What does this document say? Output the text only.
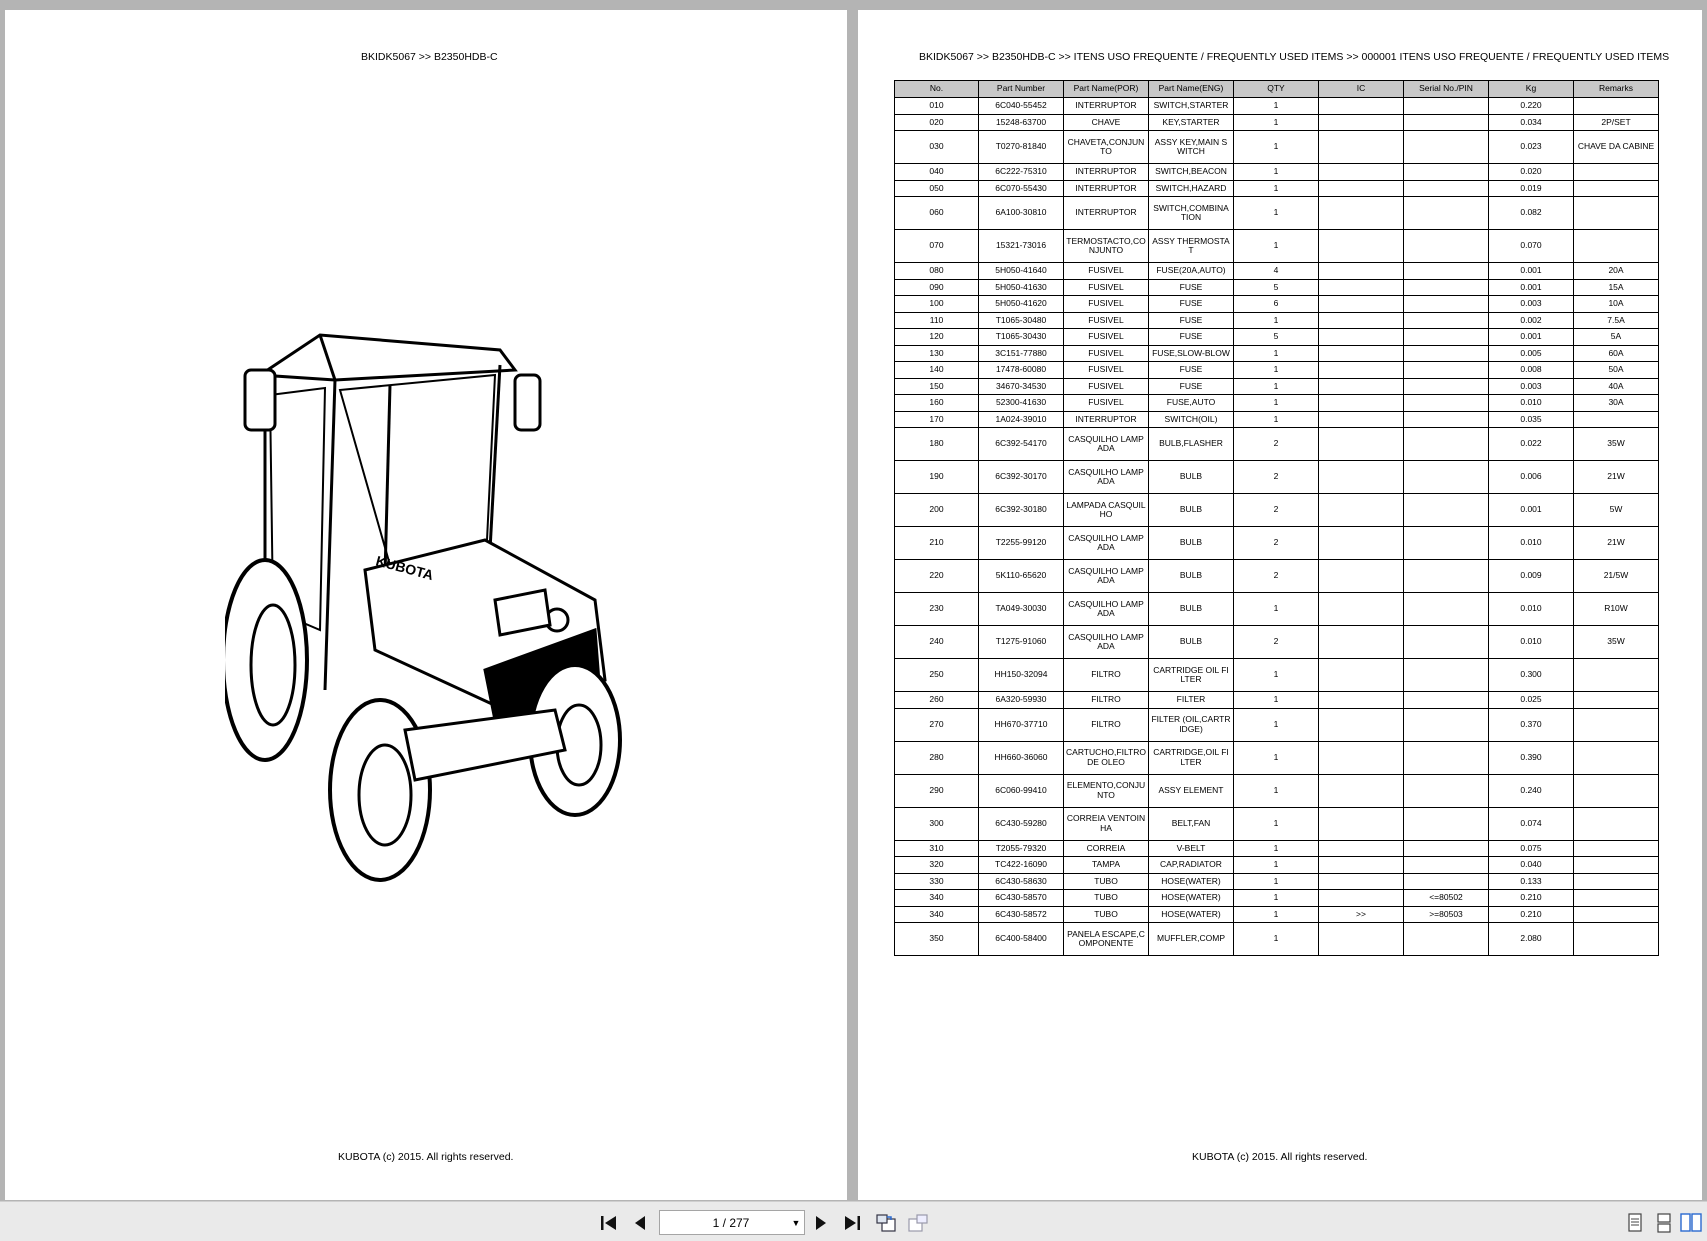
BKIDK5067 >> B2350HDB-C
KUBOTA
KUBOTA (c) 2015. All rights reserved.
BKIDK5067 >> B2350HDB-C >> ITENS USO FREQUENTE / FREQUENTLY USED ITEMS >> 000001 ITENS USO FREQUENTE / FREQUENTLY USED ITEMS
No.	Part Number	Part Name(POR)	Part Name(ENG)	QTY	IC	Serial No./PIN	Kg	Remarks
010	6C040-55452	INTERRUPTOR	SWITCH,STARTER	1			0.220	
020	15248-63700	CHAVE	KEY,STARTER	1			0.034	2P/SET
030	T0270-81840	CHAVETA,CONJUNTO	ASSY KEY,MAIN SWITCH	1			0.023	CHAVE DA CABINE
040	6C222-75310	INTERRUPTOR	SWITCH,BEACON	1			0.020	
050	6C070-55430	INTERRUPTOR	SWITCH,HAZARD	1			0.019	
060	6A100-30810	INTERRUPTOR	SWITCH,COMBINATION	1			0.082	
070	15321-73016	TERMOSTACTO,CONJUNTO	ASSY THERMOSTAT	1			0.070	
080	5H050-41640	FUSIVEL	FUSE(20A,AUTO)	4			0.001	20A
090	5H050-41630	FUSIVEL	FUSE	5			0.001	15A
100	5H050-41620	FUSIVEL	FUSE	6			0.003	10A
110	T1065-30480	FUSIVEL	FUSE	1			0.002	7.5A
120	T1065-30430	FUSIVEL	FUSE	5			0.001	5A
130	3C151-77880	FUSIVEL	FUSE,SLOW-BLOW	1			0.005	60A
140	17478-60080	FUSIVEL	FUSE	1			0.008	50A
150	34670-34530	FUSIVEL	FUSE	1			0.003	40A
160	52300-41630	FUSIVEL	FUSE,AUTO	1			0.010	30A
170	1A024-39010	INTERRUPTOR	SWITCH(OIL)	1			0.035	
180	6C392-54170	CASQUILHO LAMPADA	BULB,FLASHER	2			0.022	35W
190	6C392-30170	CASQUILHO LAMPADA	BULB	2			0.006	21W
200	6C392-30180	LAMPADA CASQUILHO	BULB	2			0.001	5W
210	T2255-99120	CASQUILHO LAMPADA	BULB	2			0.010	21W
220	5K110-65620	CASQUILHO LAMPADA	BULB	2			0.009	21/5W
230	TA049-30030	CASQUILHO LAMPADA	BULB	1			0.010	R10W
240	T1275-91060	CASQUILHO LAMPADA	BULB	2			0.010	35W
250	HH150-32094	FILTRO	CARTRIDGE OIL FILTER	1			0.300	
260	6A320-59930	FILTRO	FILTER	1			0.025	
270	HH670-37710	FILTRO	FILTER (OIL,CARTRIDGE)	1			0.370	
280	HH660-36060	CARTUCHO,FILTRO DE OLEO	CARTRIDGE,OIL FILTER	1			0.390	
290	6C060-99410	ELEMENTO,CONJUNTO	ASSY ELEMENT	1			0.240	
300	6C430-59280	CORREIA VENTOINHA	BELT,FAN	1			0.074	
310	T2055-79320	CORREIA	V-BELT	1			0.075	
320	TC422-16090	TAMPA	CAP,RADIATOR	1			0.040	
330	6C430-58630	TUBO	HOSE(WATER)	1			0.133	
340	6C430-58570	TUBO	HOSE(WATER)	1		<=80502	0.210	
340	6C430-58572	TUBO	HOSE(WATER)	1	>>	>=80503	0.210	
350	6C400-58400	PANELA ESCAPE,COMPONENTE	MUFFLER,COMP	1			2.080	
KUBOTA (c) 2015. All rights reserved.
1 / 277	▼
